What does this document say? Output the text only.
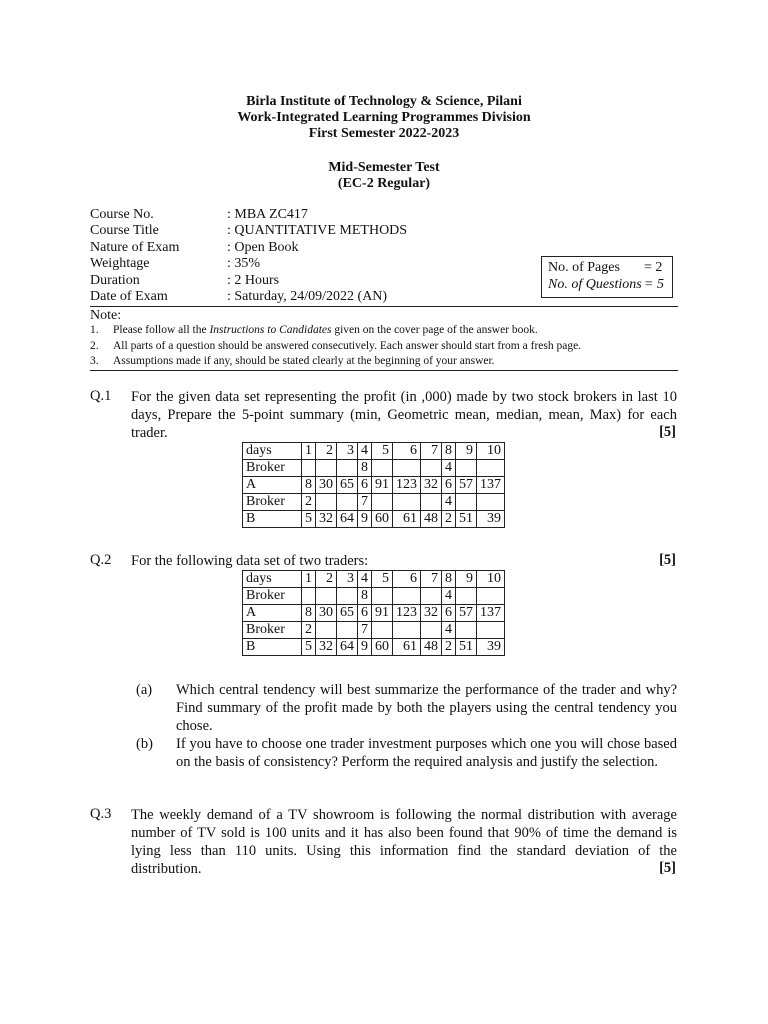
Birla Institute of Technology & Science, Pilani
Work-Integrated Learning Programmes Division
First Semester 2022-2023
Mid-Semester Test
(EC-2 Regular)
Course No.	: MBA ZC417
Course Title	: QUANTITATIVE METHODS
Nature of Exam	: Open Book
Weightage	: 35%
Duration	: 2 Hours
Date of Exam	: Saturday, 24/09/2022 (AN)
No. of Pages	= 2
No. of Questions = 5
Note:
1.	Please follow all the Instructions to Candidates given on the cover page of the answer book.
2.	All parts of a question should be answered consecutively. Each answer should start from a fresh page.
3.	Assumptions made if any, should be stated clearly at the beginning of your answer.
Q.1 For the given data set representing the profit (in ,000) made by two stock brokers in last 10 days, Prepare the 5-point summary (min, Geometric mean, median, mean, Max) for each trader.	[5]
days	1	2	3	4	5	6	7	8	9	10
Broker				8				4		
A	8	30	65	6	91	123	32	6	57	137
Broker	2			7				4		
B	5	32	64	9	60	61	48	2	51	39
Q.2 For the following data set of two traders:	[5]
days	1	2	3	4	5	6	7	8	9	10
Broker				8				4		
A	8	30	65	6	91	123	32	6	57	137
Broker	2			7				4		
B	5	32	64	9	60	61	48	2	51	39
(a) Which central tendency will best summarize the performance of the trader and why? Find summary of the profit made by both the players using the central tendency you chose.
(b) If you have to choose one trader investment purposes which one you will chose based on the basis of consistency? Perform the required analysis and justify the selection.
Q.3 The weekly demand of a TV showroom is following the normal distribution with average number of TV sold is 100 units and it has also been found that 90% of time the demand is lying less than 110 units. Using this information find the standard deviation of the distribution.	[5]
